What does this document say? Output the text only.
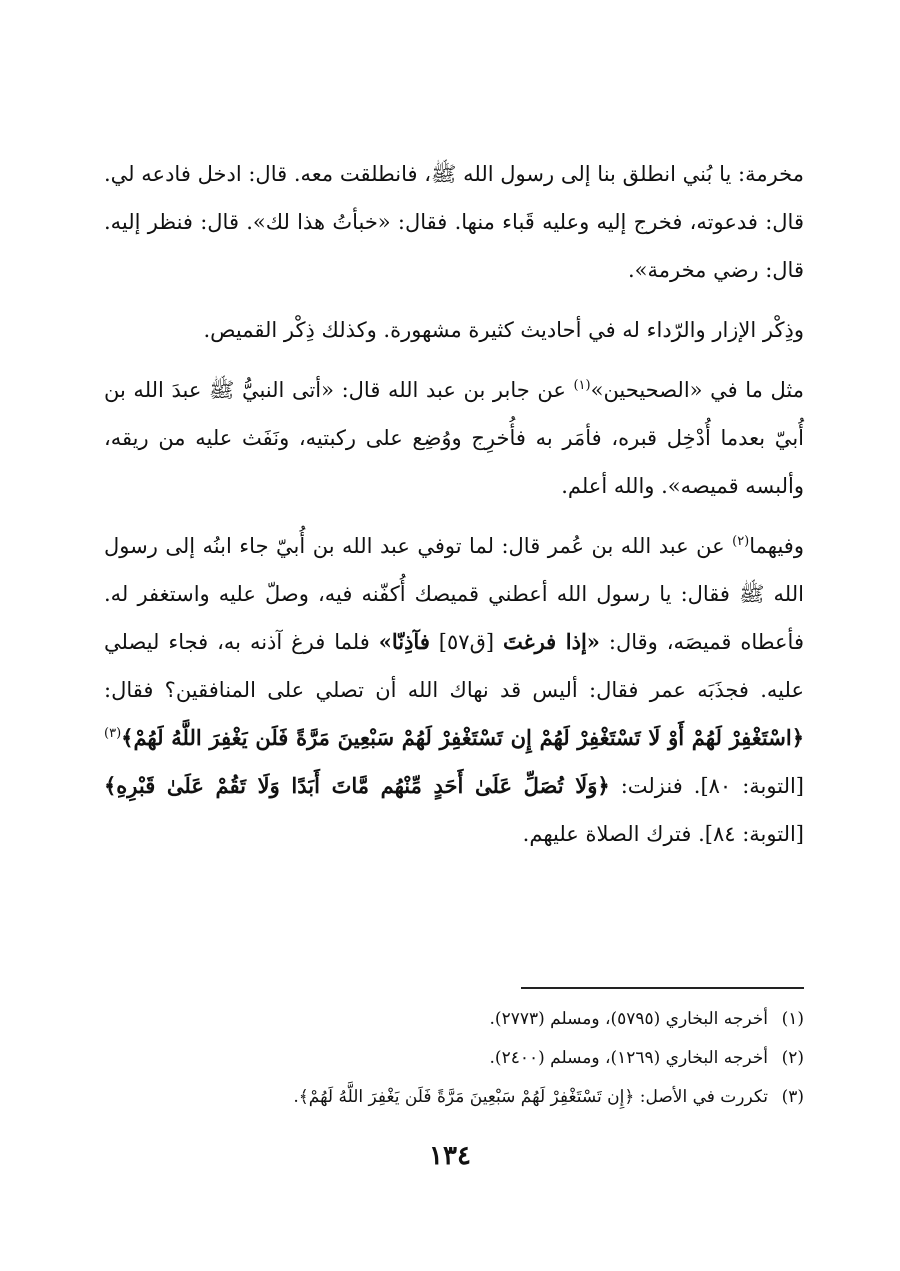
مخرمة: يا بُني انطلق بنا إلى رسول الله ﷺ، فانطلقت معه. قال: ادخل فادعه لي. قال: فدعوته، فخرج إليه وعليه قَباء منها. فقال: «خبأتُ هذا لك». قال: فنظر إليه. قال: رضي مخرمة».

وذِكْر الإزار والرّداء له في أحاديث كثيرة مشهورة. وكذلك ذِكْر القميص.

مثل ما في «الصحيحين»$^{(١)}$ عن جابر بن عبد الله قال: «أتى النبيُّ ﷺ عبدَ الله بن أُبيّ بعدما أُدْخِل قبره، فأمَر به فأُخرِج ووُضِع على ركبتيه، ونَفَث عليه من ريقه، وألبسه قميصه». والله أعلم.

وفيهما$^{(٢)}$ عن عبد الله بن عُمر قال: لما توفي عبد الله بن أُبيّ جاء ابنُه إلى رسول الله ﷺ فقال: يا رسول الله أعطني قميصك أُكفّنه فيه، وصلّ عليه واستغفر له. فأعطاه قميصَه، وقال: «إذا فرغتَ [ق٥٧] فآذِنّا» فلما فرغ آذنه به، فجاء ليصلي عليه. فجذَبَه عمر فقال: أليس قد نهاك الله أن تصلي على المنافقين؟ فقال: ﴿اسْتَغْفِرْ لَهُمْ أَوْ لَا تَسْتَغْفِرْ لَهُمْ إِن تَسْتَغْفِرْ لَهُمْ سَبْعِينَ مَرَّةً فَلَن يَغْفِرَ اللَّهُ لَهُمْ﴾$^{(٣)}$ [التوبة: ٨٠]. فنزلت: ﴿وَلَا تُصَلِّ عَلَىٰ أَحَدٍ مِّنْهُم مَّاتَ أَبَدًا وَلَا تَقُمْ عَلَىٰ قَبْرِهِ﴾ [التوبة: ٨٤]. فترك الصلاة عليهم.

(١)أخرجه البخاري (٥٧٩٥)، ومسلم (٢٧٧٣).

(٢)أخرجه البخاري (١٢٦٩)، ومسلم (٢٤٠٠).

(٣)تكررت في الأصل: ﴿إِن تَسْتَغْفِرْ لَهُمْ سَبْعِينَ مَرَّةً فَلَن يَغْفِرَ اللَّهُ لَهُمْ﴾.

١٣٤
